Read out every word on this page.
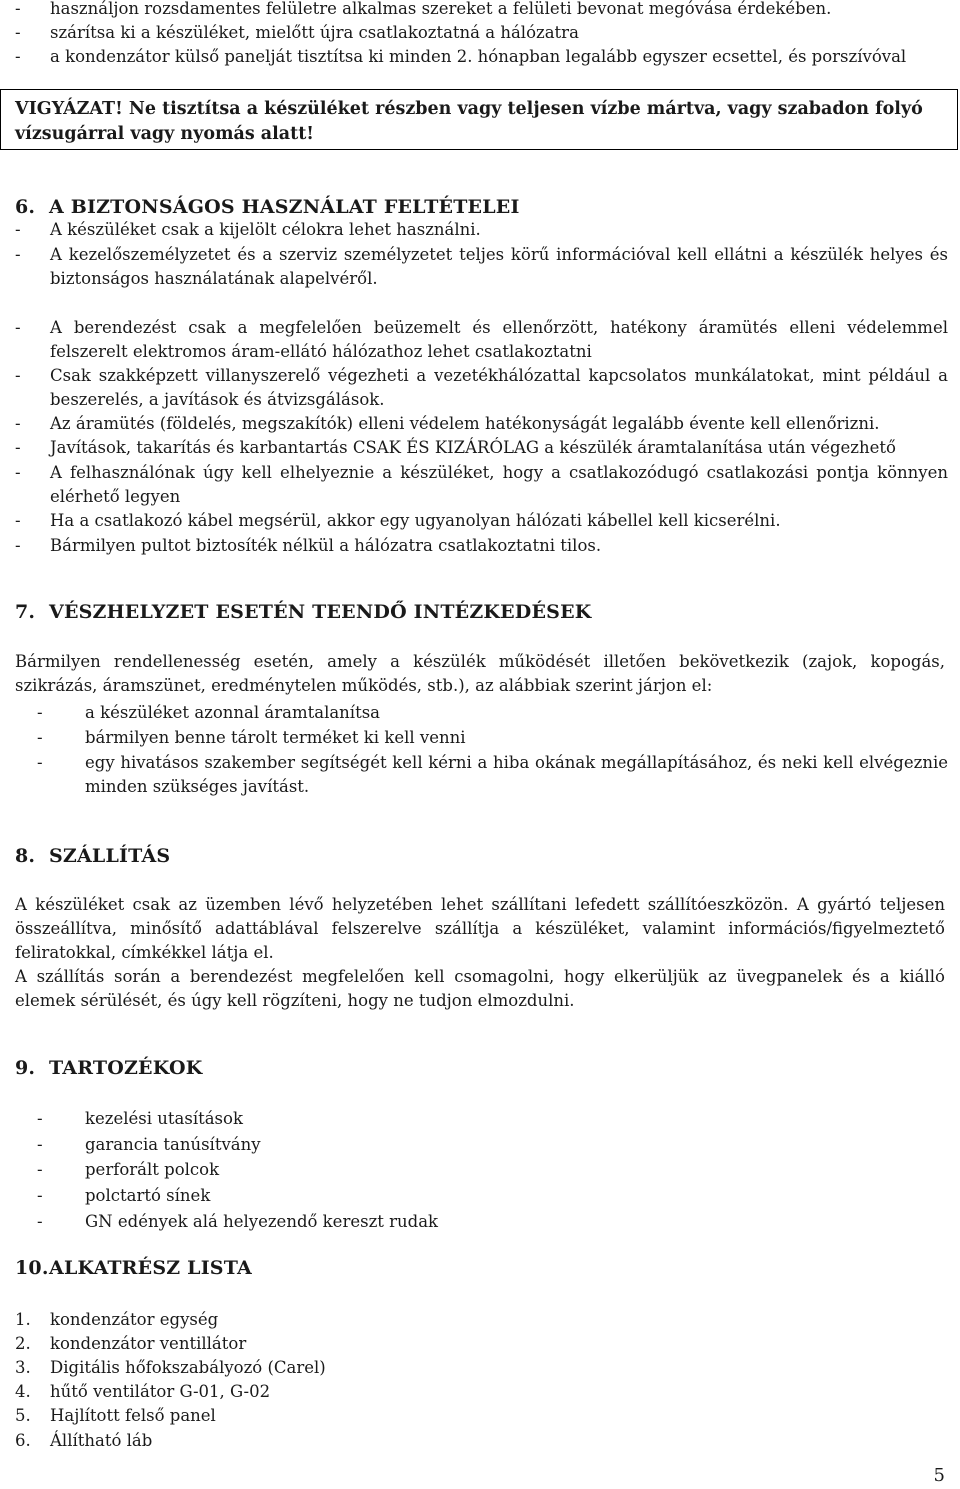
-	használjon rozsdamentes felületre alkalmas szereket a felületi bevonat megóvása érdekében.
-	szárítsa ki a készüléket, mielőtt újra csatlakoztatná a hálózatra
-	a kondenzátor külső panelját tisztítsa ki minden 2. hónapban legalább egyszer ecsettel, és porszívóval
VIGYÁZAT! Ne tisztítsa a készüléket részben vagy teljesen vízbe mártva, vagy szabadon folyó vízsugárral vagy nyomás alatt!
6. A BIZTONSÁGOS HASZNÁLAT FELTÉTELEI
-	A készüléket csak a kijelölt célokra lehet használni.
-	A kezelőszemélyzetet és a szerviz személyzetet teljes körű információval kell ellátni a készülék helyes és biztonságos használatának alapelvéről.
-	A berendezést csak a megfelelően beüzemelt és ellenőrzött, hatékony áramütés elleni védelemmel felszerelt elektromos áram-ellátó hálózathoz lehet csatlakoztatni
-	Csak szakképzett villanyszerelő végezheti a vezetékhálózattal kapcsolatos munkálatokat, mint például a beszerelés, a javítások és átvizsgálások.
-	Az áramütés (földelés, megszakítók) elleni védelem hatékonyságát legalább évente kell ellenőrizni.
-	Javítások, takarítás és karbantartás CSAK ÉS KIZÁRÓLAG a készülék áramtalanítása után végezhető
-	A felhasználónak úgy kell elhelyeznie a készüléket, hogy a csatlakozódugó csatlakozási pontja könnyen elérhető legyen
-	Ha a csatlakozó kábel megsérül, akkor egy ugyanolyan hálózati kábellel kell kicserélni.
-	Bármilyen pultot biztosíték nélkül a hálózatra csatlakoztatni tilos.
7. VÉSZHELYZET ESETÉN TEENDŐ INTÉZKEDÉSEK
Bármilyen rendellenesség esetén, amely a készülék működését illetően bekövetkezik (zajok, kopogás, szikrázás, áramszünet, eredménytelen működés, stb.), az alábbiak szerint járjon el:
-	a készüléket azonnal áramtalanítsa
-	bármilyen benne tárolt terméket ki kell venni
-	egy hivatásos szakember segítségét kell kérni a hiba okának megállapításához, és neki kell elvégeznie minden szükséges javítást.
8. SZÁLLÍTÁS
A készüléket csak az üzemben lévő helyzetében lehet szállítani lefedett szállítóeszközön. A gyártó teljesen összeállítva, minősítő adattáblával felszerelve szállítja a készüléket, valamint információs/figyelmeztető feliratokkal, címkékkel látja el.
A szállítás során a berendezést megfelelően kell csomagolni, hogy elkerüljük az üvegpanelek és a kiálló elemek sérülését, és úgy kell rögzíteni, hogy ne tudjon elmozdulni.
9. TARTOZÉKOK
-	kezelési utasítások
-	garancia tanúsítvány
-	perforált polcok
-	polctartó sínek
-	GN edények alá helyezendő kereszt rudak
10.ALKATRÉSZ LISTA
1.	kondenzátor egység
2.	kondenzátor ventillátor
3.	Digitális hőfokszabályozó (Carel)
4.	hűtő ventilátor G-01, G-02
5.	Hajlított felső panel
6.	Állítható láb
5
